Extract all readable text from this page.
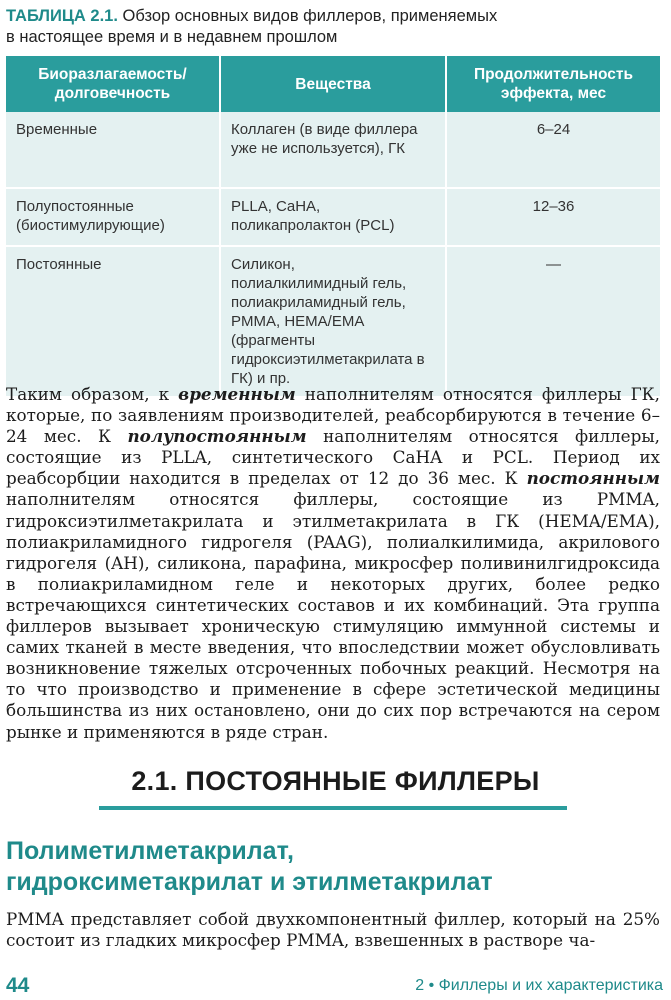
ТАБЛИЦА 2.1. Обзор основных видов филлеров, применяемых
в настоящее время и в недавнем прошлом
Биоразлагаемость/ долговечность	Вещества	Продолжительность эффекта, мес
Временные	Коллаген (в виде филлера уже не используется), ГК	6–24
Полупостоянные (биостимулирующие)	PLLA, CaHA, поликапролактон (PCL)	12–36
Постоянные	Силикон, полиалкилимидный гель, полиакриламидный гель, PMMA, HEMA/EMA (фрагменты гидроксиэтилметакрилата в ГК) и пр.	—

Таким образом, к временным наполнителям относятся филлеры ГК, которые, по заявлениям производителей, реабсорбируются в течение 6–24 мес. К полупостоянным наполнителям относятся филлеры, состоящие из PLLA, синтетического CaHA и PCL. Период их реабсорбции находится в пределах от 12 до 36 мес. К постоянным наполнителям относятся филлеры, состоящие из PMMA, гидроксиэтилметакрилата и этилметакрилата в ГК (HEMA/EMA), полиакриламидного гидрогеля (PAAG), полиалкилимида, акрилового гидрогеля (AH), силикона, парафина, микросфер поливинилгидроксида в полиакриламидном геле и некоторых других, более редко встречающихся синтетических составов и их комбинаций. Эта группа филлеров вызывает хроническую стимуляцию иммунной системы и самих тканей в месте введения, что впоследствии может обусловливать возникновение тяжелых отсроченных побочных реакций. Несмотря на то что производство и применение в сфере эстетической медицины большинства из них остановлено, они до сих пор встречаются на сером рынке и применяются в ряде стран.

2.1. ПОСТОЯННЫЕ ФИЛЛЕРЫ
Полиметилметакрилат,
гидроксиметакрилат и этилметакрилат

PMMA представляет собой двухкомпонентный филлер, который на 25% состоит из гладких микросфер PMMA, взвешенных в растворе ча-

44	2 • Филлеры и их характеристика
